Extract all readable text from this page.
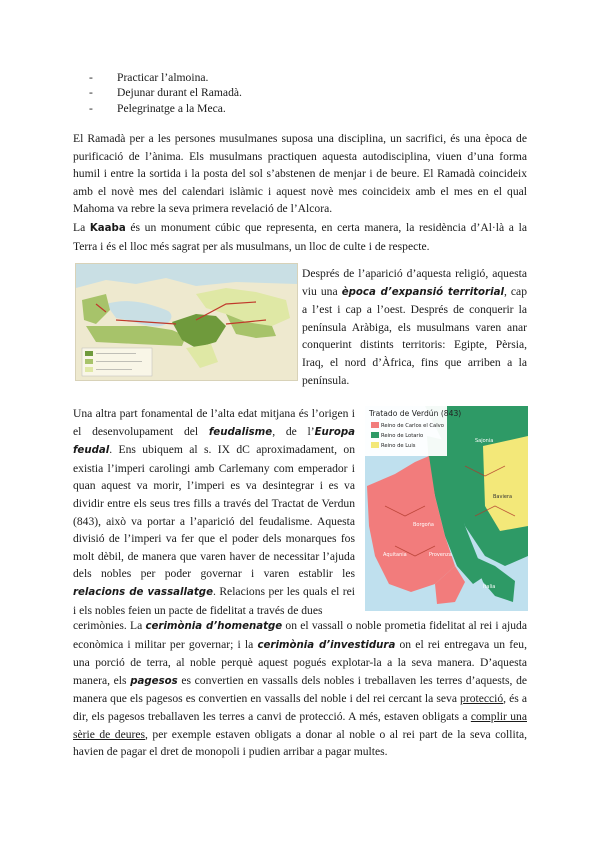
- Practicar l’almoina.
- Dejunar durant el Ramadà.
- Pelegrinatge a la Meca.

El Ramadà per a les persones musulmanes suposa una disciplina, un sacrifici, és una època de purificació de l’ànima. Els musulmans practiquen aquesta autodisciplina, viuen d’una forma humil i entre la sortida i la posta del sol s’abstenen de menjar i de beure. El Ramadà coincideix amb el novè mes del calendari islàmic i aquest novè mes coincideix amb el mes en el qual Mahoma va rebre la seva primera revelació de l’Alcora.

La Kaaba és un monument cúbic que representa, en certa manera, la residència d’Al·là a la Terra i és el lloc més sagrat per als musulmans, un lloc de culte i de respecte.

Després de l’aparició d’aquesta religió, aquesta viu una època d’expansió territorial, cap a l’est i cap a l’oest. Després de conquerir la península Aràbiga, els musulmans varen anar conquerint distints territoris: Egipte, Pèrsia, Iraq, el nord d’Àfrica, fins que arriben a la península.

Una altra part fonamental de l’alta edat mitjana és l’origen i el desenvolupament del feudalisme, de l’Europa feudal. Ens ubiquem al s. IX dC aproximadament, on existia l’imperi carolingi amb Carlemany com emperador i quan aquest va morir, l’imperi es va desintegrar i es va dividir entre els seus tres fills a través del Tractat de Verdun (843), això va portar a l’aparició del feudalisme. Aquesta divisió de l’imperi va fer que el poder dels monarques fos molt dèbil, de manera que varen haver de necessitar l’ajuda dels nobles per poder governar i varen establir les relacions de vassallatge. Relacions per les quals el rei i els nobles feien un pacte de fidelitat a través de dues

Tratado de Verdún (843)
Reino de Carlos el Calvo
Reino de Lotario
Reino de Luis
Aquitania
Borgoña
Provenza
Baviera
Sajonia
Italia

cerimònies. La cerimònia d’homenatge on el vassall o noble prometia fidelitat al rei i ajuda econòmica i militar per governar; i la cerimònia d’investidura on el rei entregava un feu, una porció de terra, al noble perquè aquest pogués explotar-la a la seva manera. D’aquesta manera, els pagesos es convertien en vassalls dels nobles i treballaven les terres d’aquests, de manera que els pagesos es convertien en vassalls del noble i del rei cercant la seva protecció, és a dir, els pagesos treballaven les terres a canvi de protecció. A més, estaven obligats a complir una sèrie de deures, per exemple estaven obligats a donar al noble o al rei part de la seva collita, havien de pagar el dret de monopoli i pudien arribar a pagar multes.
